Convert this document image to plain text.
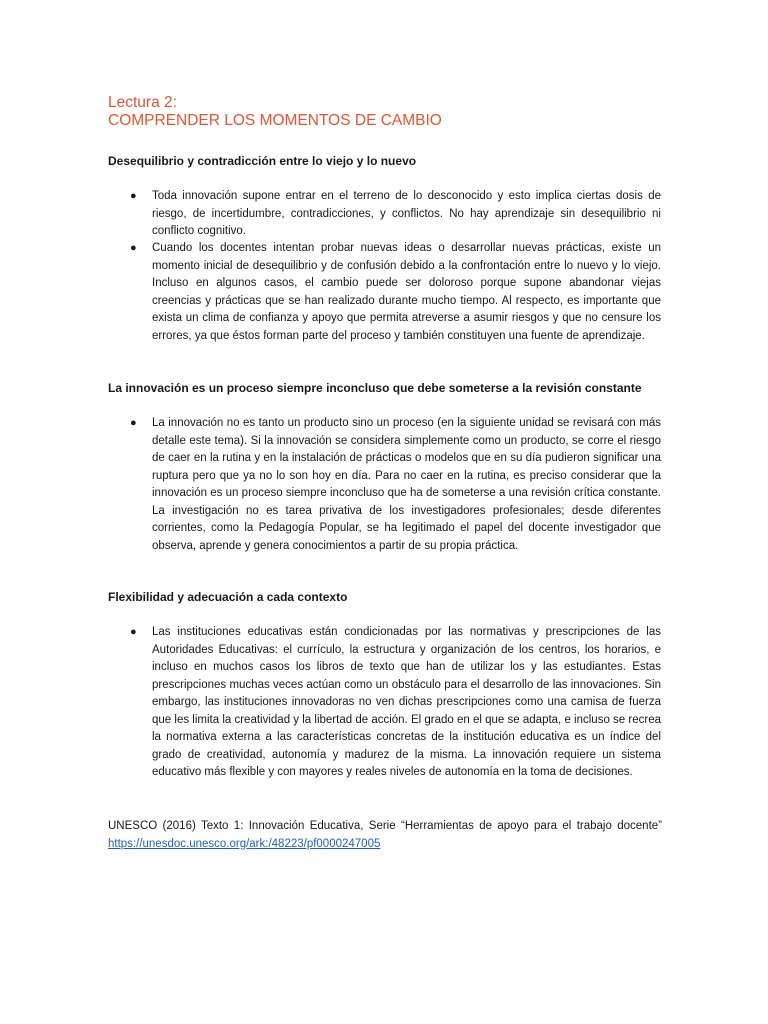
Lectura 2:
COMPRENDER LOS MOMENTOS DE CAMBIO
Desequilibrio y contradicción entre lo viejo y lo nuevo
● Toda innovación supone entrar en el terreno de lo desconocido y esto implica ciertas dosis de riesgo, de incertidumbre, contradicciones, y conflictos. No hay aprendizaje sin desequilibrio ni conflicto cognitivo.
● Cuando los docentes intentan probar nuevas ideas o desarrollar nuevas prácticas, existe un momento inicial de desequilibrio y de confusión debido a la confrontación entre lo nuevo y lo viejo. Incluso en algunos casos, el cambio puede ser doloroso porque supone abandonar viejas creencias y prácticas que se han realizado durante mucho tiempo. Al respecto, es importante que exista un clima de confianza y apoyo que permita atreverse a asumir riesgos y que no censure los errores, ya que éstos forman parte del proceso y también constituyen una fuente de aprendizaje.
La innovación es un proceso siempre inconcluso que debe someterse a la revisión constante
● La innovación no es tanto un producto sino un proceso (en la siguiente unidad se revisará con más detalle este tema). Si la innovación se considera simplemente como un producto, se corre el riesgo de caer en la rutina y en la instalación de prácticas o modelos que en su día pudieron significar una ruptura pero que ya no lo son hoy en día. Para no caer en la rutina, es preciso considerar que la innovación es un proceso siempre inconcluso que ha de someterse a una revisión crítica constante. La investigación no es tarea privativa de los investigadores profesionales; desde diferentes corrientes, como la Pedagogía Popular, se ha legitimado el papel del docente investigador que observa, aprende y genera conocimientos a partir de su propia práctica.
Flexibilidad y adecuación a cada contexto
● Las instituciones educativas están condicionadas por las normativas y prescripciones de las Autoridades Educativas: el currículo, la estructura y organización de los centros, los horarios, e incluso en muchos casos los libros de texto que han de utilizar los y las estudiantes. Estas prescripciones muchas veces actúan como un obstáculo para el desarrollo de las innovaciones. Sin embargo, las instituciones innovadoras no ven dichas prescripciones como una camisa de fuerza que les limita la creatividad y la libertad de acción. El grado en el que se adapta, e incluso se recrea la normativa externa a las características concretas de la institución educativa es un índice del grado de creatividad, autonomía y madurez de la misma. La innovación requiere un sistema educativo más flexible y con mayores y reales niveles de autonomía en la toma de decisiones.
UNESCO (2016) Texto 1: Innovación Educativa, Serie “Herramientas de apoyo para el trabajo docente” https://unesdoc.unesco.org/ark:/48223/pf0000247005
